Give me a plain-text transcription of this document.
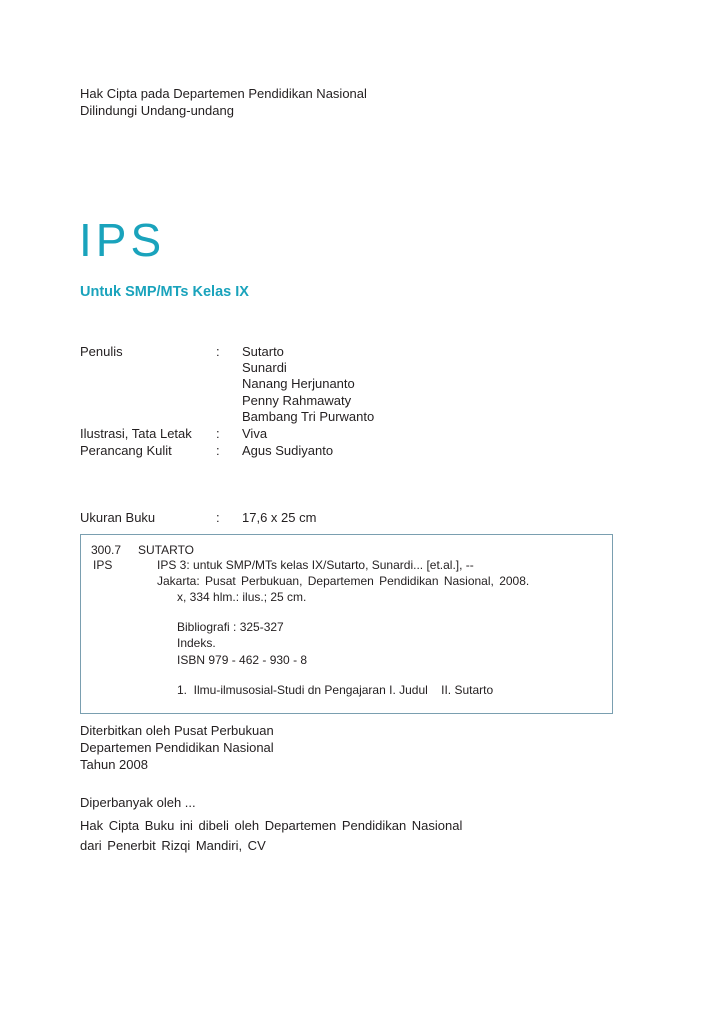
Hak Cipta pada Departemen Pendidikan Nasional
Dilindungi Undang-undang
IPS
Untuk SMP/MTs Kelas IX
Penulis	: Sutarto
Sunardi
Nanang Herjunanto
Penny Rahmawaty
Bambang Tri Purwanto
Ilustrasi, Tata Letak : Viva
Perancang Kulit	: Agus Sudiyanto
Ukuran Buku	: 17,6 x 25 cm
300.7 SUTARTO
IPS	IPS 3: untuk SMP/MTs kelas IX/Sutarto, Sunardi... [et.al.], --
Jakarta: Pusat Perbukuan, Departemen Pendidikan Nasional, 2008.
x, 334 hlm.: ilus.; 25 cm.
Bibliografi : 325-327
Indeks.
ISBN 979 - 462 - 930 - 8
1.  Ilmu-ilmusosial-Studi dn Pengajaran I. Judul    II. Sutarto
Diterbitkan oleh Pusat Perbukuan
Departemen Pendidikan Nasional
Tahun 2008
Diperbanyak oleh ...
Hak Cipta Buku ini dibeli oleh Departemen Pendidikan Nasional
dari Penerbit Rizqi Mandiri, CV
